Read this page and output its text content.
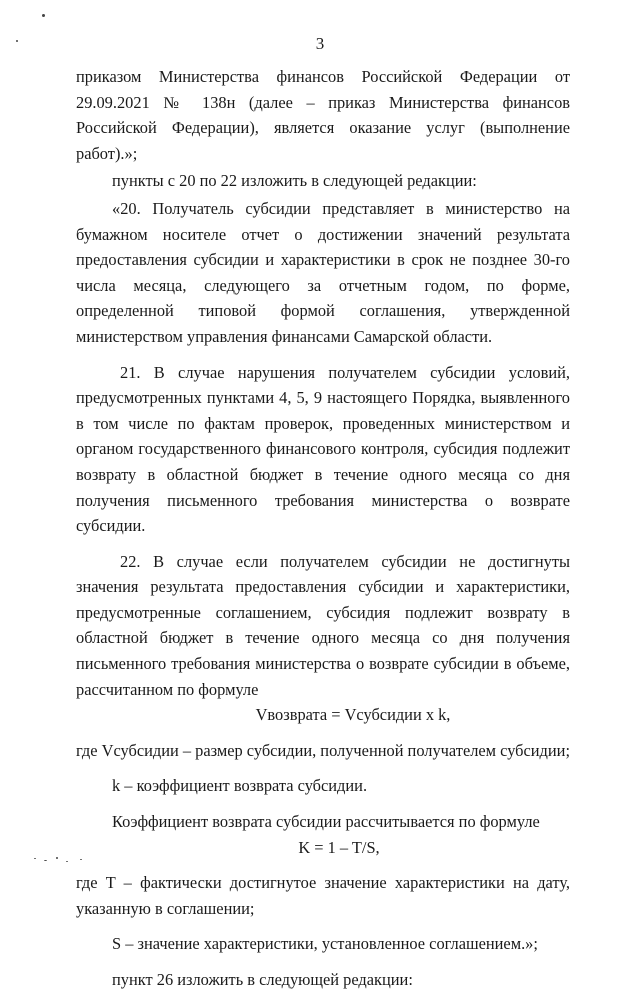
3

приказом Министерства финансов Российской Федерации от 29.09.2021 № 138н (далее – приказ Министерства финансов Российской Федерации), является оказание услуг (выполнение работ).»;

пункты с 20 по 22 изложить в следующей редакции:

«20. Получатель субсидии представляет в министерство на бумажном носителе отчет о достижении значений результата предоставления субсидии и характеристики в срок не позднее 30-го числа месяца, следующего за отчетным годом, по форме, определенной типовой формой соглашения, утвержденной министерством управления финансами Самарской области.

21. В случае нарушения получателем субсидии условий, предусмотренных пунктами 4, 5, 9 настоящего Порядка, выявленного в том числе по фактам проверок, проведенных министерством и органом государственного финансового контроля, субсидия подлежит возврату в областной бюджет в течение одного месяца со дня получения письменного требования министерства о возврате субсидии.

22. В случае если получателем субсидии не достигнуты значения результата предоставления субсидии и характеристики, предусмотренные соглашением, субсидия подлежит возврату в областной бюджет в течение одного месяца со дня получения письменного требования министерства о возврате субсидии в объеме, рассчитанном по формуле

Vвозврата = Vсубсидии х k,

где Vсубсидии – размер субсидии, полученной получателем субсидии;

k – коэффициент возврата субсидии.

Коэффициент возврата субсидии рассчитывается по формуле

K = 1 – T/S,

где T – фактически достигнутое значение характеристики на дату, указанную в соглашении;

S – значение характеристики, установленное соглашением.»;

пункт 26 изложить в следующей редакции:
